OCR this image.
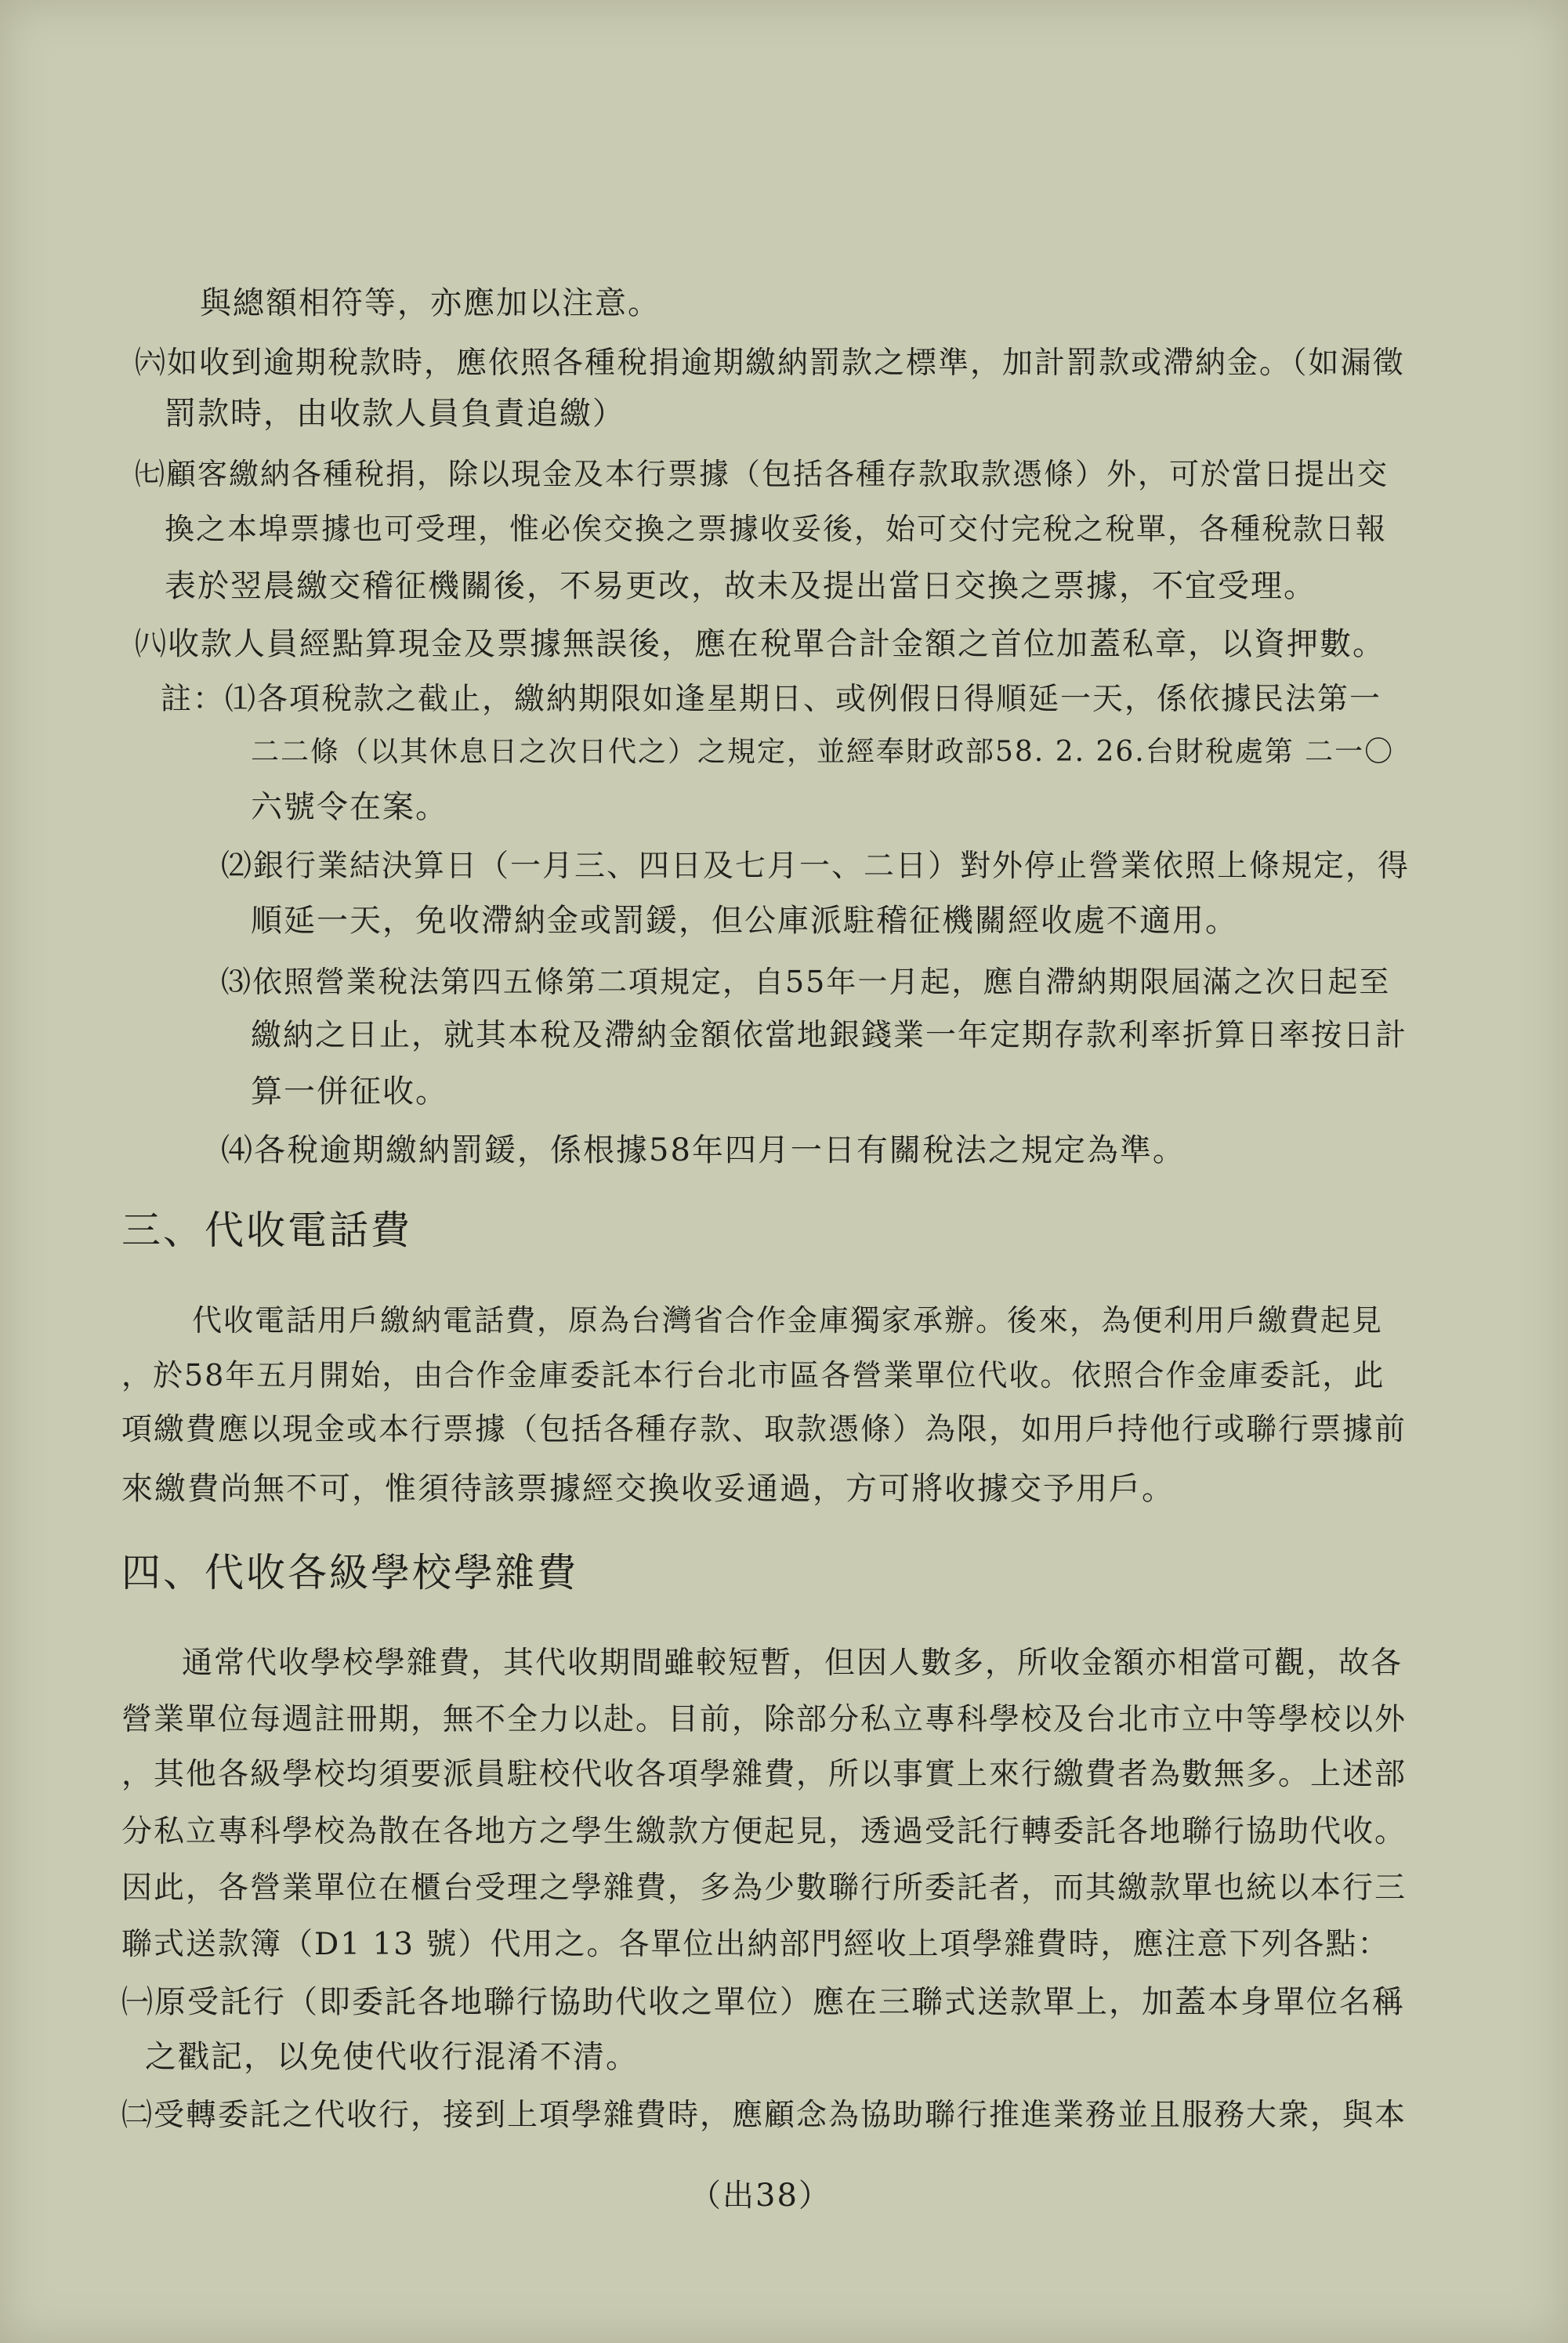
與總額相符等，亦應加以注意。
㈥如收到逾期稅款時，應依照各種稅捐逾期繳納罰款之標準，加計罰款或滯納金。（如漏徵
罰款時，由收款人員負責追繳）
㈦顧客繳納各種稅捐，除以現金及本行票據（包括各種存款取款憑條）外，可於當日提出交
換之本埠票據也可受理，惟必俟交換之票據收妥後，始可交付完稅之稅單，各種稅款日報
表於翌晨繳交稽征機關後，不易更改，故未及提出當日交換之票據，不宜受理。
㈧收款人員經點算現金及票據無誤後，應在稅單合計金額之首位加蓋私章，以資押數。
註：⑴各項稅款之截止，繳納期限如逢星期日、或例假日得順延一天，係依據民法第一
二二條（以其休息日之次日代之）之規定，並經奉財政部58. 2. 26.台財稅處第 二一〇
六號令在案。
⑵銀行業結決算日（一月三、四日及七月一、二日）對外停止營業依照上條規定，得
順延一天，免收滯納金或罰鍰，但公庫派駐稽征機關經收處不適用。
⑶依照營業稅法第四五條第二項規定，自55年一月起，應自滯納期限屆滿之次日起至
繳納之日止，就其本稅及滯納金額依當地銀錢業一年定期存款利率折算日率按日計
算一併征收。
⑷各稅逾期繳納罰鍰，係根據58年四月一日有關稅法之規定為準。
三、代收電話費
代收電話用戶繳納電話費，原為台灣省合作金庫獨家承辦。後來，為便利用戶繳費起見
，於58年五月開始，由合作金庫委託本行台北市區各營業單位代收。依照合作金庫委託，此
項繳費應以現金或本行票據（包括各種存款、取款憑條）為限，如用戶持他行或聯行票據前
來繳費尚無不可，惟須待該票據經交換收妥通過，方可將收據交予用戶。
四、代收各級學校學雜費
通常代收學校學雜費，其代收期間雖較短暫，但因人數多，所收金額亦相當可觀，故各
營業單位每週註冊期，無不全力以赴。目前，除部分私立專科學校及台北市立中等學校以外
，其他各級學校均須要派員駐校代收各項學雜費，所以事實上來行繳費者為數無多。上述部
分私立專科學校為散在各地方之學生繳款方便起見，透過受託行轉委託各地聯行協助代收。
因此，各營業單位在櫃台受理之學雜費，多為少數聯行所委託者，而其繳款單也統以本行三
聯式送款簿（D1 13 號）代用之。各單位出納部門經收上項學雜費時，應注意下列各點：
㈠原受託行（即委託各地聯行協助代收之單位）應在三聯式送款單上，加蓋本身單位名稱
之戳記，以免使代收行混淆不清。
㈡受轉委託之代收行，接到上項學雜費時，應顧念為協助聯行推進業務並且服務大衆，與本
（出38）
